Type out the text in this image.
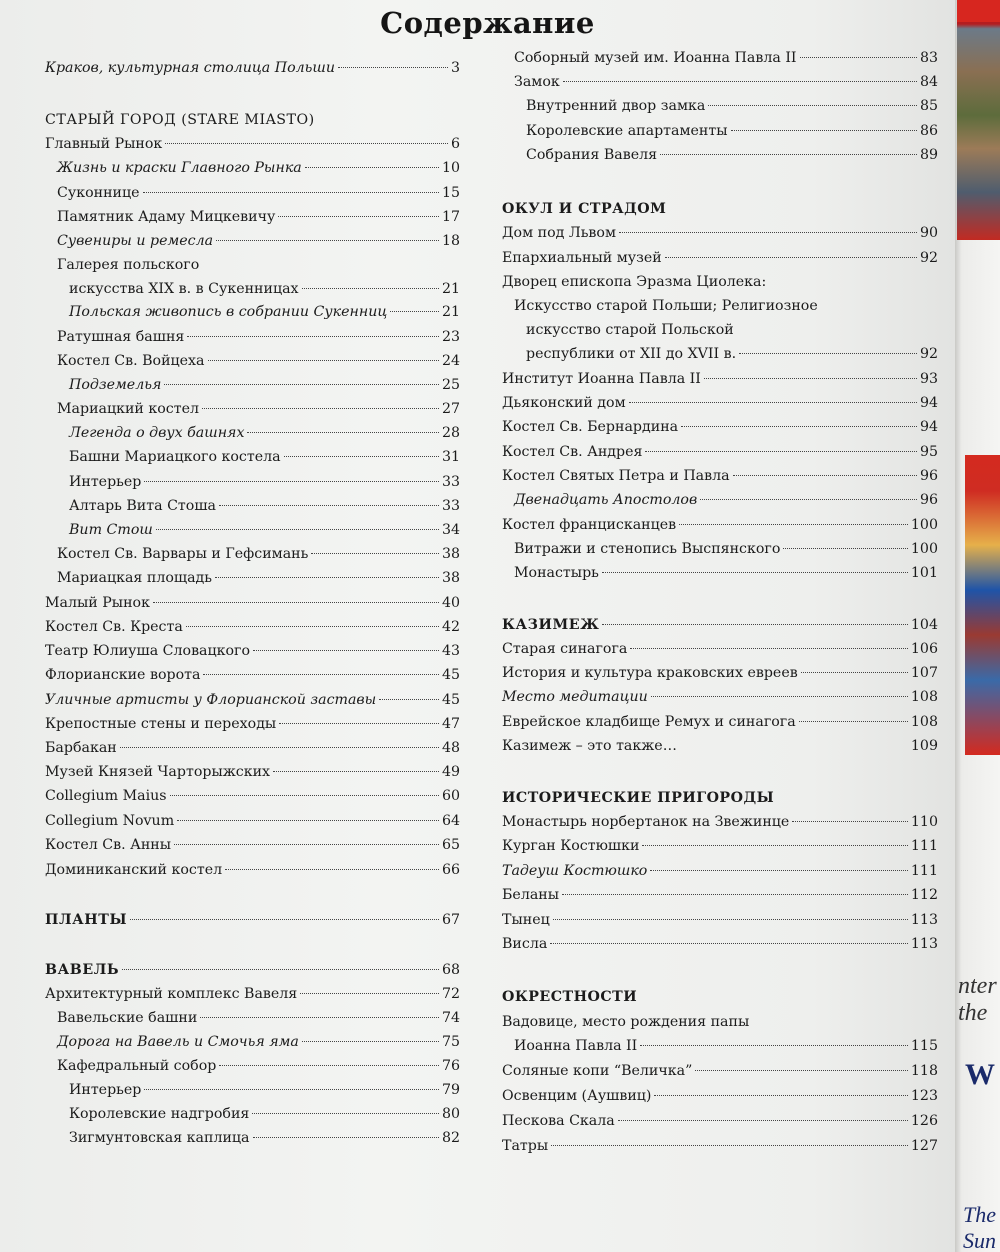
Содержание
Краков, культурная столица Польши	3
СТАРЫЙ ГОРОД (STARE MIASTO)
Главный Рынок	6
Жизнь и краски Главного Рынка	10
Суконнице	15
Памятник Адаму Мицкевичу	17
Сувениры и ремесла	18
Галерея польского
искусства XIX в. в Сукенницах	21
Польская живопись в собрании Сукенниц	21
Ратушная башня	23
Костел Св. Войцеха	24
Подземелья	25
Мариацкий костел	27
Легенда о двух башнях	28
Башни Мариацкого костела	31
Интерьер	33
Алтарь Вита Стоша	33
Вит Стош	34
Костел Св. Варвары и Гефсимань	38
Мариацкая площадь	38
Малый Рынок	40
Костел Св. Креста	42
Театр Юлиуша Словацкого	43
Флорианские ворота	45
Уличные артисты у Флорианской заставы	45
Крепостные стены и переходы	47
Барбакан	48
Музей Князей Чарторыжских	49
Collegium Maius	60
Collegium Novum	64
Костел Св. Анны	65
Доминиканский костел	66
ПЛАНТЫ	67
ВАВЕЛЬ	68
Архитектурный комплекс Вавеля	72
Вавельские башни	74
Дорога на Вавель и Смочья яма	75
Кафедральный собор	76
Интерьер	79
Королевские надгробия	80
Зигмунтовская каплица	82
Соборный музей им. Иоанна Павла II	83
Замок	84
Внутренний двор замка	85
Королевские апартаменты	86
Собрания Вавеля	89
ОКУЛ И СТРАДОМ
Дом под Львом	90
Епархиальный музей	92
Дворец епископа Эразма Циолека:
Искусство старой Польши; Религиозное
искусство старой Польской
республики от XII до XVII в.	92
Институт Иоанна Павла II	93
Дьяконский дом	94
Костел Св. Бернардина	94
Костел Св. Андрея	95
Костел Святых Петра и Павла	96
Двенадцать Апостолов	96
Костел францисканцев	100
Витражи и стенопись Выспянского	100
Монастырь	101
КАЗИМЕЖ	104
Старая синагога	106
История и культура краковских евреев	107
Место медитации	108
Еврейское кладбище Ремух и синагога	108
Казимеж – это также…	109
ИСТОРИЧЕСКИЕ ПРИГОРОДЫ
Монастырь норбертанок на Звежинце	110
Курган Костюшки	111
Тадеуш Костюшко	111
Беланы	112
Тынец	113
Висла	113
ОКРЕСТНОСТИ
Вадовице, место рождения папы
Иоанна Павла II	115
Соляные копи “Величка”	118
Освенцим (Аушвиц)	123
Пескова Скала	126
Татры	127
nter the
W
The Sun
